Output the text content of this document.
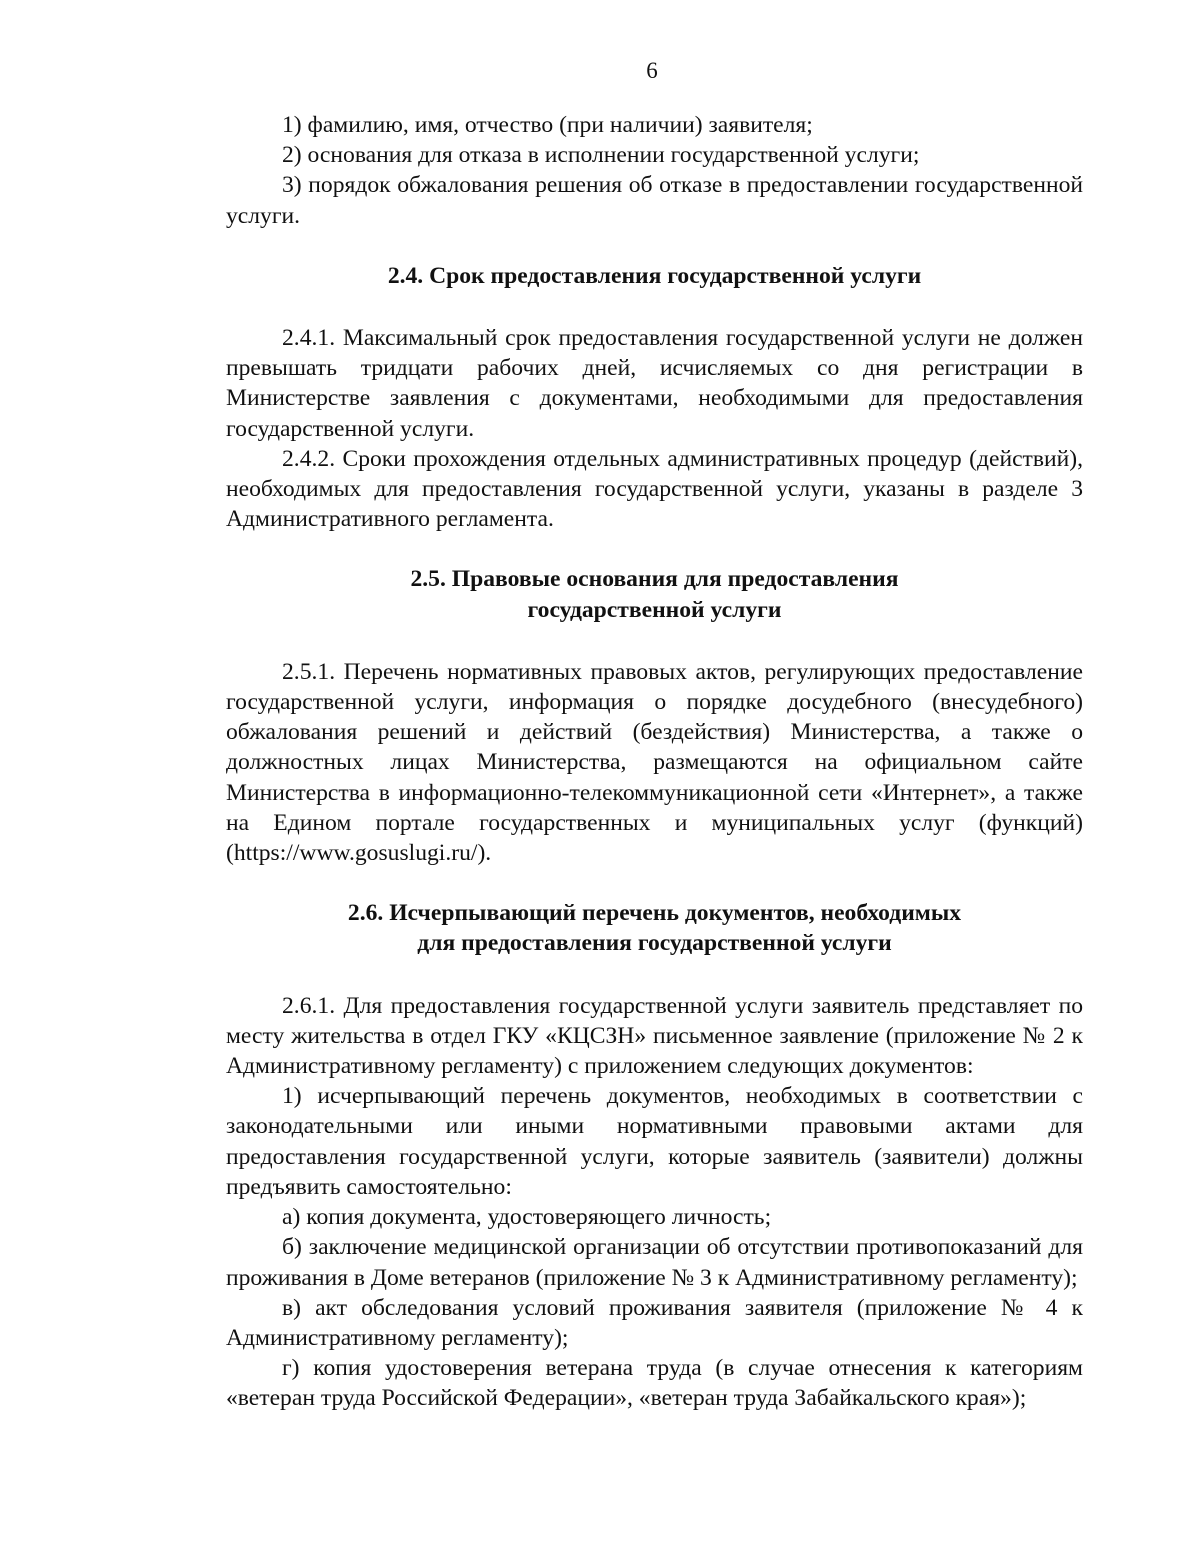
6

1) фамилию, имя, отчество (при наличии) заявителя;

2) основания для отказа в исполнении государственной услуги;

3) порядок обжалования решения об отказе в предоставлении государственной услуги.

2.4. Срок предоставления государственной услуги

2.4.1. Максимальный срок предоставления государственной услуги не должен превышать тридцати рабочих дней, исчисляемых со дня регистрации в Министерстве заявления с документами, необходимыми для предоставления государственной услуги.

2.4.2. Сроки прохождения отдельных административных процедур (действий), необходимых для предоставления государственной услуги, указаны в разделе 3 Административного регламента.

2.5. Правовые основания для предоставления
государственной услуги

2.5.1. Перечень нормативных правовых актов, регулирующих предоставление государственной услуги, информация о порядке досудебного (внесудебного) обжалования решений и действий (бездействия) Министерства, а также о должностных лицах Министерства, размещаются на официальном сайте Министерства в информационно-телекоммуникационной сети «Интернет», а также на Едином портале государственных и муниципальных услуг (функций) (https://www.gosuslugi.ru/).

2.6. Исчерпывающий перечень документов, необходимых
для предоставления государственной услуги

2.6.1. Для предоставления государственной услуги заявитель представляет по месту жительства в отдел ГКУ «КЦСЗН» письменное заявление (приложение № 2 к Административному регламенту) с приложением следующих документов:

1) исчерпывающий перечень документов, необходимых в соответствии с законодательными или иными нормативными правовыми актами для предоставления государственной услуги, которые заявитель (заявители) должны предъявить самостоятельно:

а) копия документа, удостоверяющего личность;

б) заключение медицинской организации об отсутствии противопоказаний для проживания в Доме ветеранов (приложение № 3 к Административному регламенту);

в) акт обследования условий проживания заявителя (приложение № 4 к Административному регламенту);

г) копия удостоверения ветерана труда (в случае отнесения к категориям «ветеран труда Российской Федерации», «ветеран труда Забайкальского края»);
